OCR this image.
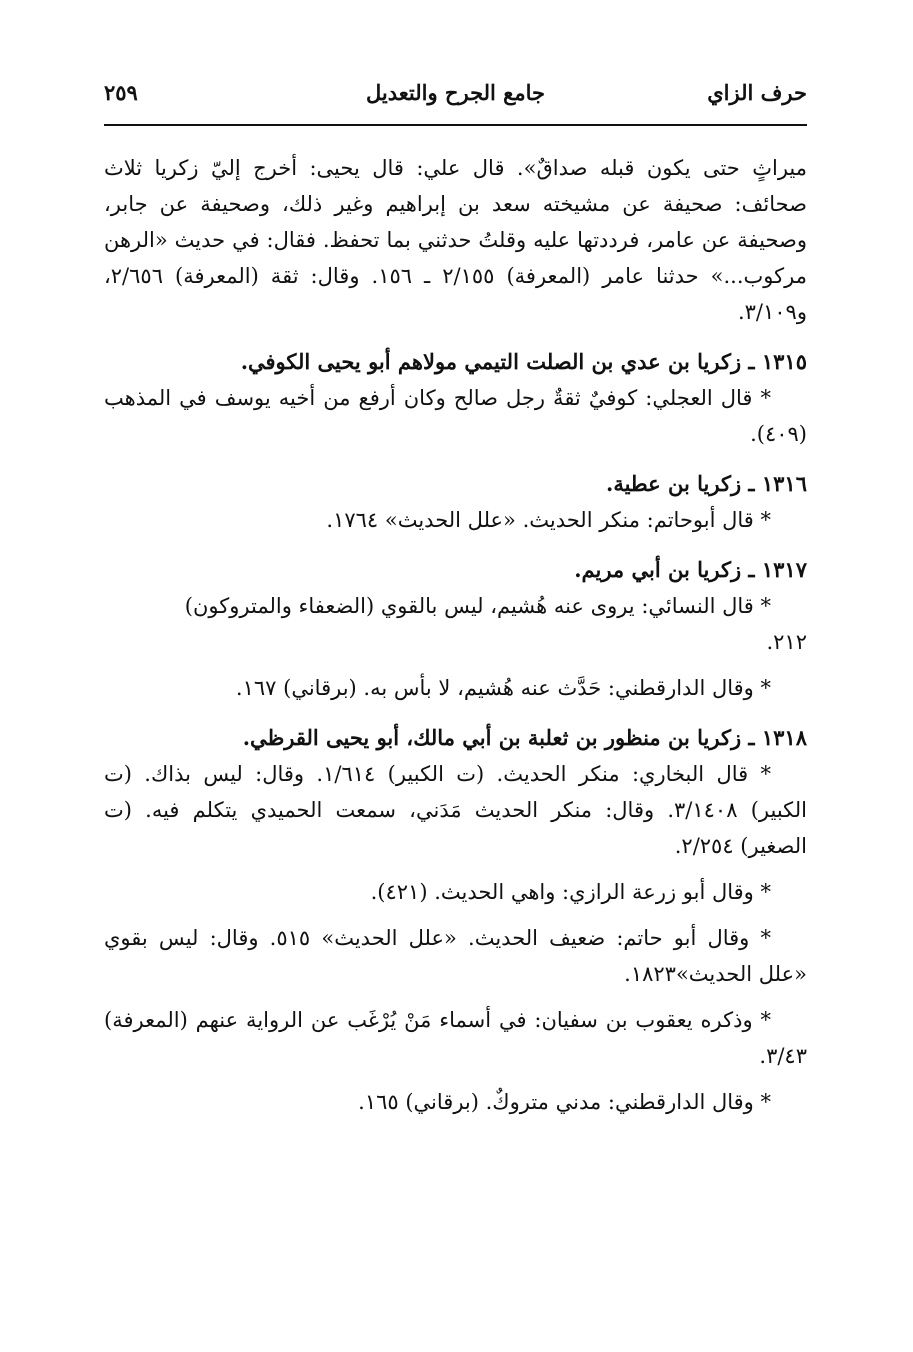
حرف الزاي
جامع الجرح والتعديل
٢٥٩

ميراثٍ حتى يكون قبله صداقٌ». قال علي: قال يحيى: أخرج إليّ زكريا ثلاث صحائف: صحيفة عن مشيخته سعد بن إبراهيم وغير ذلك، وصحيفة عن جابر، وصحيفة عن عامر، فرددتها عليه وقلتُ حدثني بما تحفظ. فقال: في حديث «الرهن مركوب...» حدثنا عامر (المعرفة) ٢/١٥٥ ـ ١٥٦. وقال: ثقة (المعرفة) ٢/٦٥٦، و٣/١٠٩.

١٣١٥ ـ زكريا بن عدي بن الصلت التيمي مولاهم أبو يحيى الكوفي.

* قال العجلي: كوفيٌ ثقةٌ رجل صالح وكان أرفع من أخيه يوسف في المذهب (٤٠٩).

١٣١٦ ـ زكريا بن عطية.

* قال أبوحاتم: منكر الحديث. «علل الحديث» ١٧٦٤.

١٣١٧ ـ زكريا بن أبي مريم.

* قال النسائي: يروى عنه هُشيم، ليس بالقوي (الضعفاء والمتروكون)

٢١٢.

* وقال الدارقطني: حَدَّث عنه هُشيم، لا بأس به. (برقاني) ١٦٧.

١٣١٨ ـ زكريا بن منظور بن ثعلبة بن أبي مالك، أبو يحيى القرظي.

* قال البخاري: منكر الحديث. (ت الكبير) ١/٦١٤. وقال: ليس بذاك. (ت الكبير) ٣/١٤٠٨. وقال: منكر الحديث مَدَني، سمعت الحميدي يتكلم فيه. (ت الصغير) ٢/٢٥٤.

* وقال أبو زرعة الرازي: واهي الحديث. (٤٢١).

* وقال أبو حاتم: ضعيف الحديث. «علل الحديث» ٥١٥. وقال: ليس بقوي «علل الحديث»١٨٢٣.

* وذكره يعقوب بن سفيان: في أسماء مَنْ يُرْغَب عن الرواية عنهم (المعرفة) ٣/٤٣.

* وقال الدارقطني: مدني متروكٌ. (برقاني) ١٦٥.
